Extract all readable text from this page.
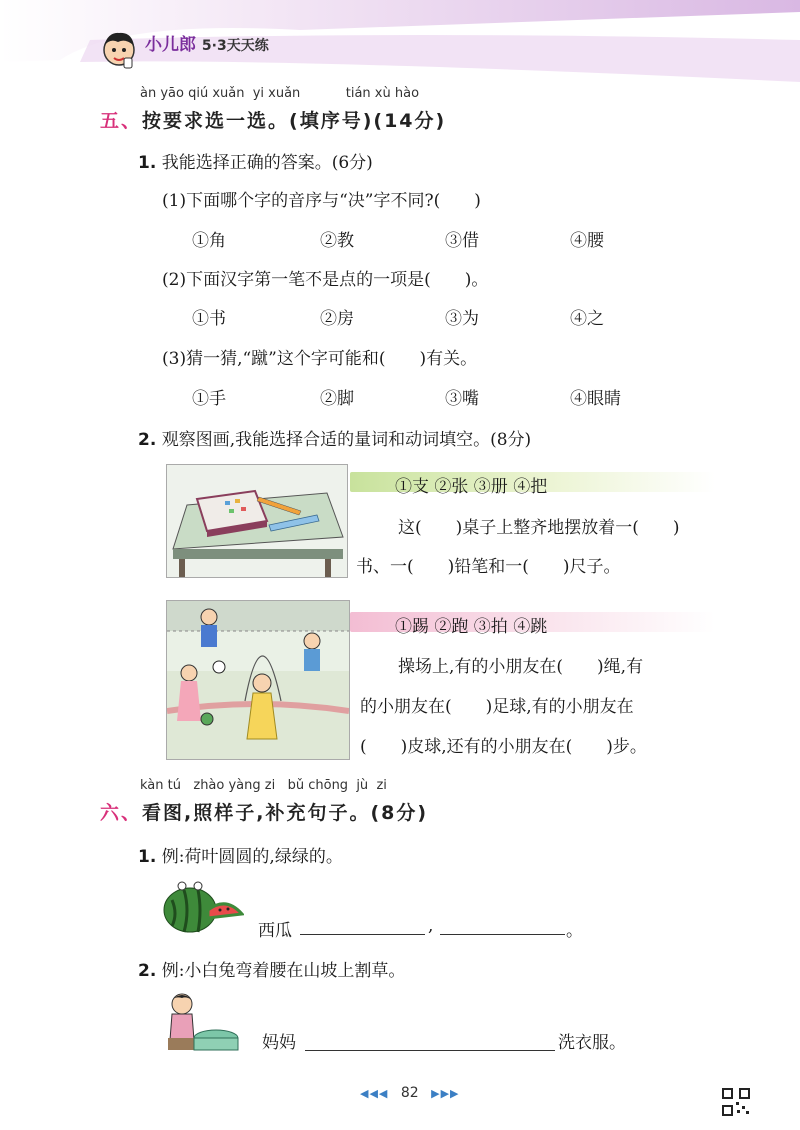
小儿郎 5·3天天练
àn yāo qiú xuǎn  yi xuǎn           tián xù hào
五、按要求选一选。(填序号)(14分)
1. 我能选择正确的答案。(6分)
(1)下面哪个字的音序与“决”字不同?(　　)
①角	②教	③借	④腰
(2)下面汉字第一笔不是点的一项是(　　)。
①书	②房	③为	④之
(3)猜一猜,“蹴”这个字可能和(　　)有关。
①手	②脚	③嘴	④眼睛
2. 观察图画,我能选择合适的量词和动词填空。(8分)
①支 ②张 ③册 ④把
这(　　)桌子上整齐地摆放着一(　　)
书、一(　　)铅笔和一(　　)尺子。
①踢 ②跑 ③拍 ④跳
操场上,有的小朋友在(　　)绳,有
的小朋友在(　　)足球,有的小朋友在
(　　)皮球,还有的小朋友在(　　)步。
kàn tú   zhào yàng zi   bǔ chōng  jù  zi
六、看图,照样子,补充句子。(8分)
1. 例:荷叶圆圆的,绿绿的。
西瓜	,	。
2. 例:小白兔弯着腰在山坡上割草。
妈妈	洗衣服。
◀◀◀ 82 ▶▶▶
